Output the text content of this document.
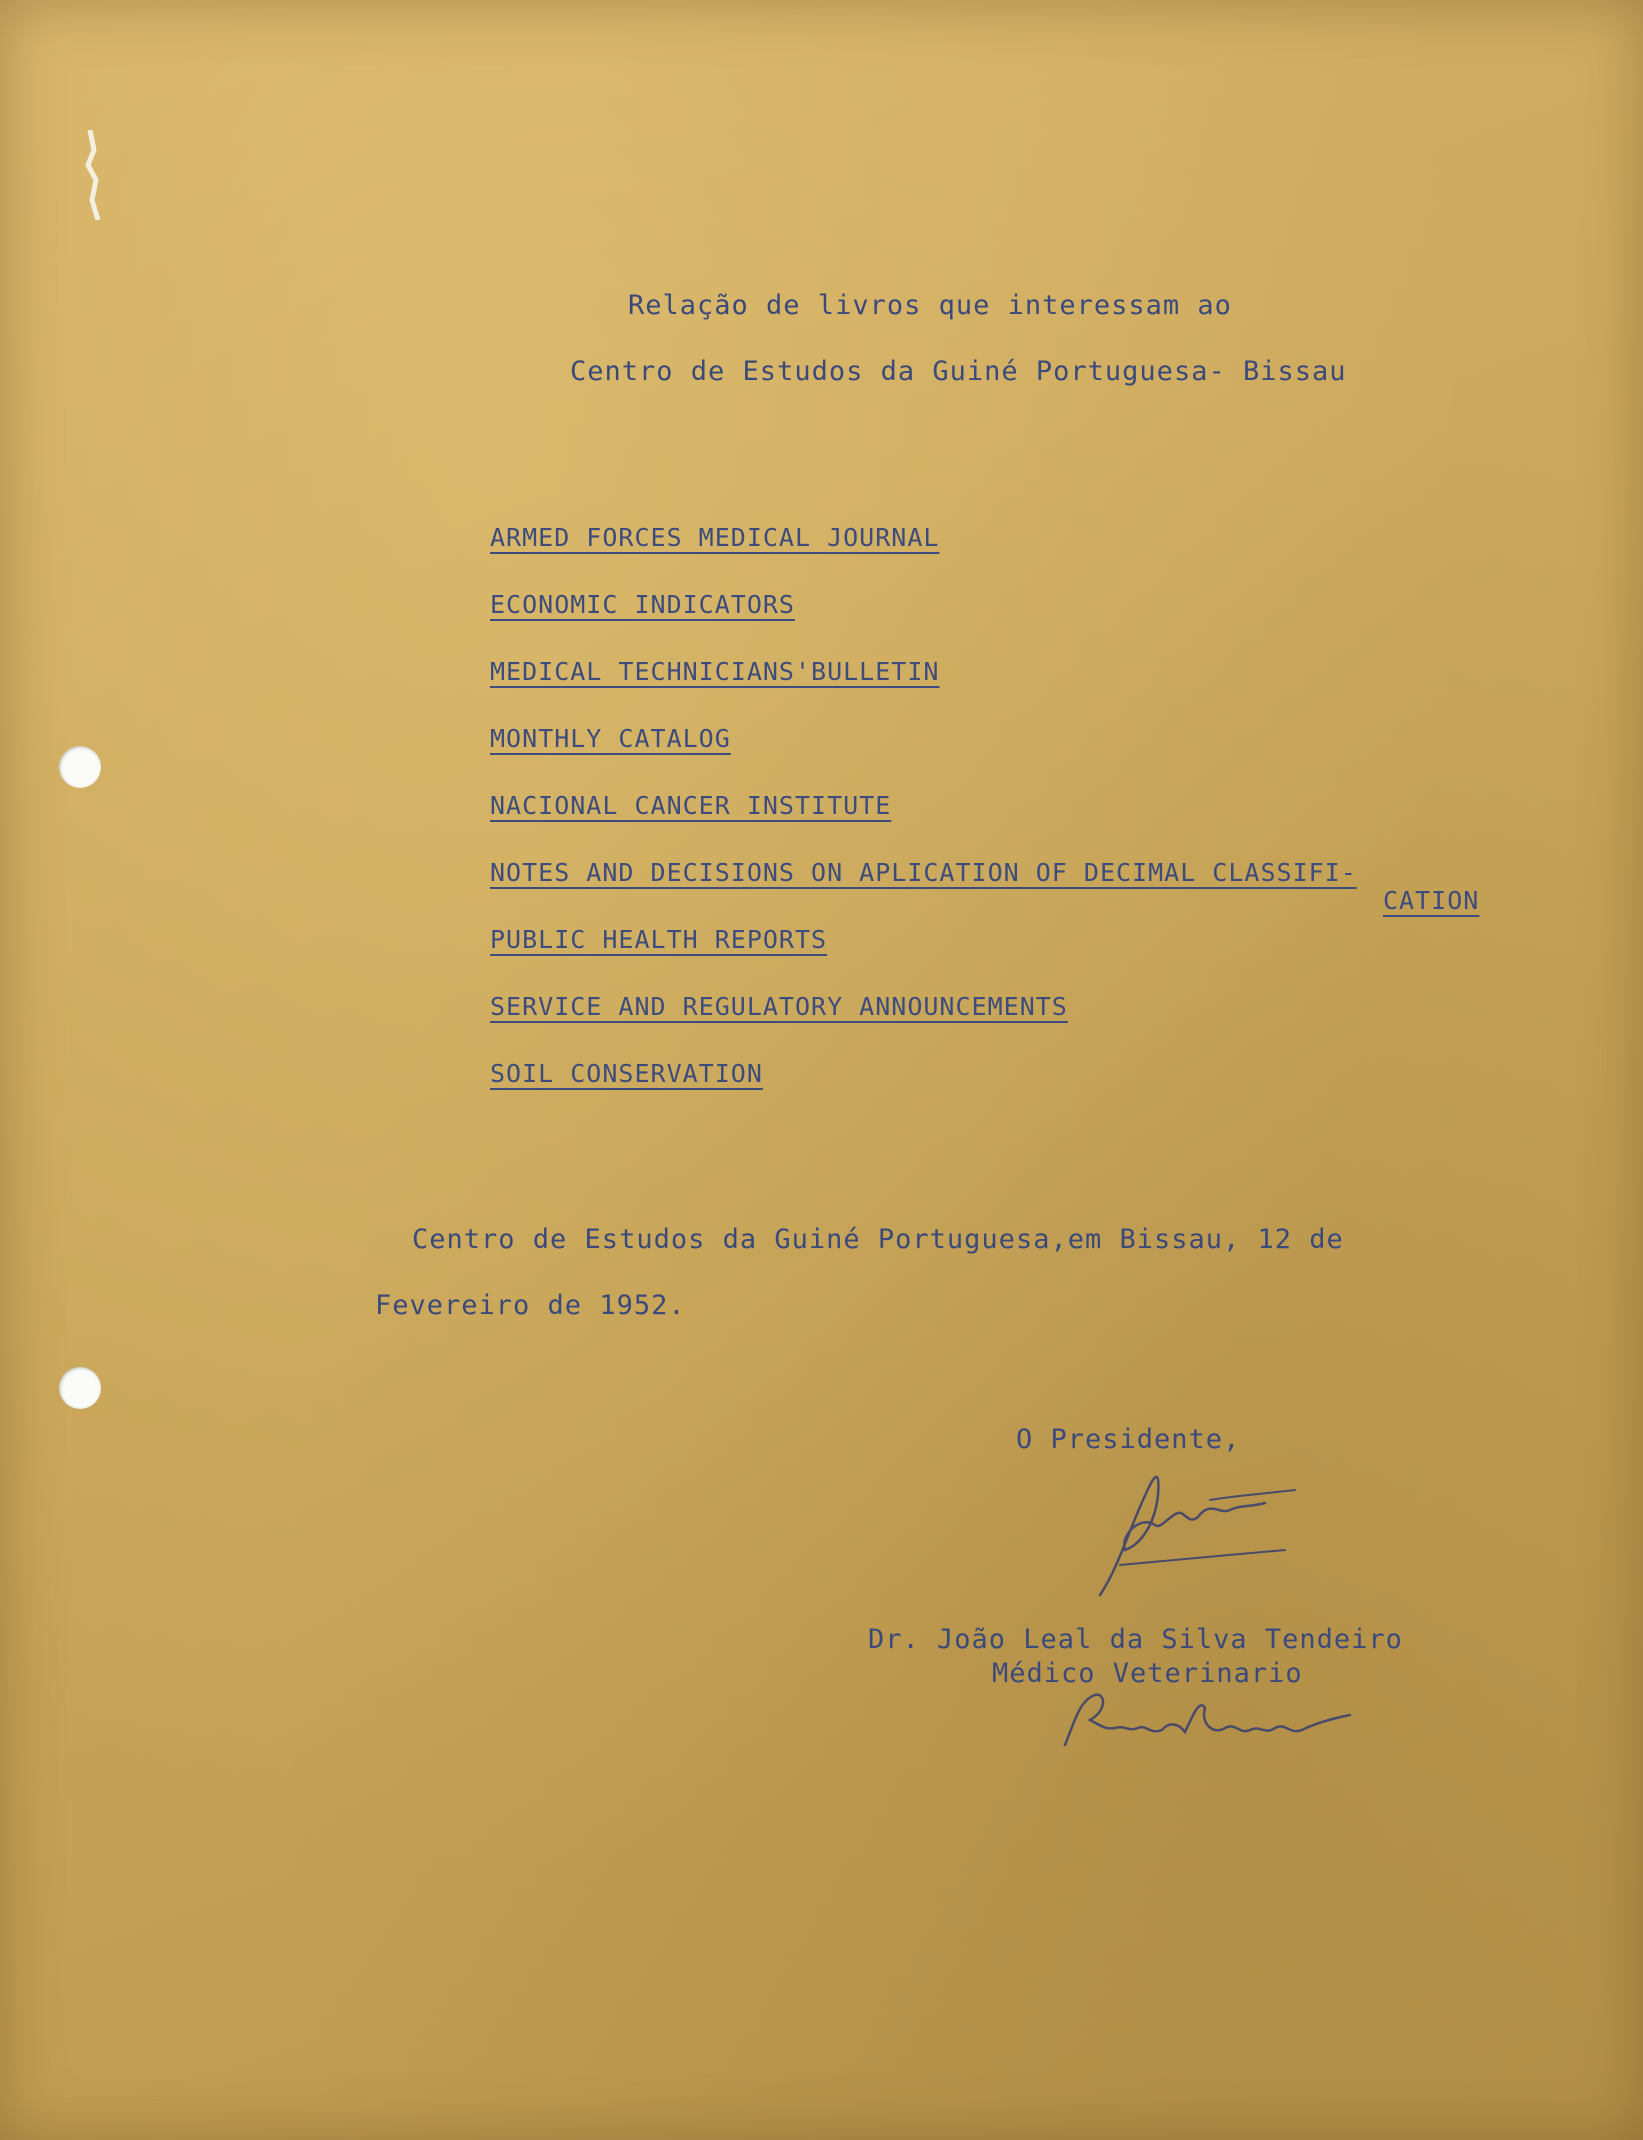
Relação de livros que interessam ao
Centro de Estudos da Guiné Portuguesa- Bissau
ARMED FORCES MEDICAL JOURNAL
ECONOMIC INDICATORS
MEDICAL TECHNICIANS'BULLETIN
MONTHLY CATALOG
NACIONAL CANCER INSTITUTE
NOTES AND DECISIONS ON APLICATION OF DECIMAL CLASSIFI-
CATION
PUBLIC HEALTH REPORTS
SERVICE AND REGULATORY ANNOUNCEMENTS
SOIL CONSERVATION
Centro de Estudos da Guiné Portuguesa,em Bissau, 12 de
Fevereiro de 1952.
O Presidente,
Dr. João Leal da Silva Tendeiro
Médico Veterinario
